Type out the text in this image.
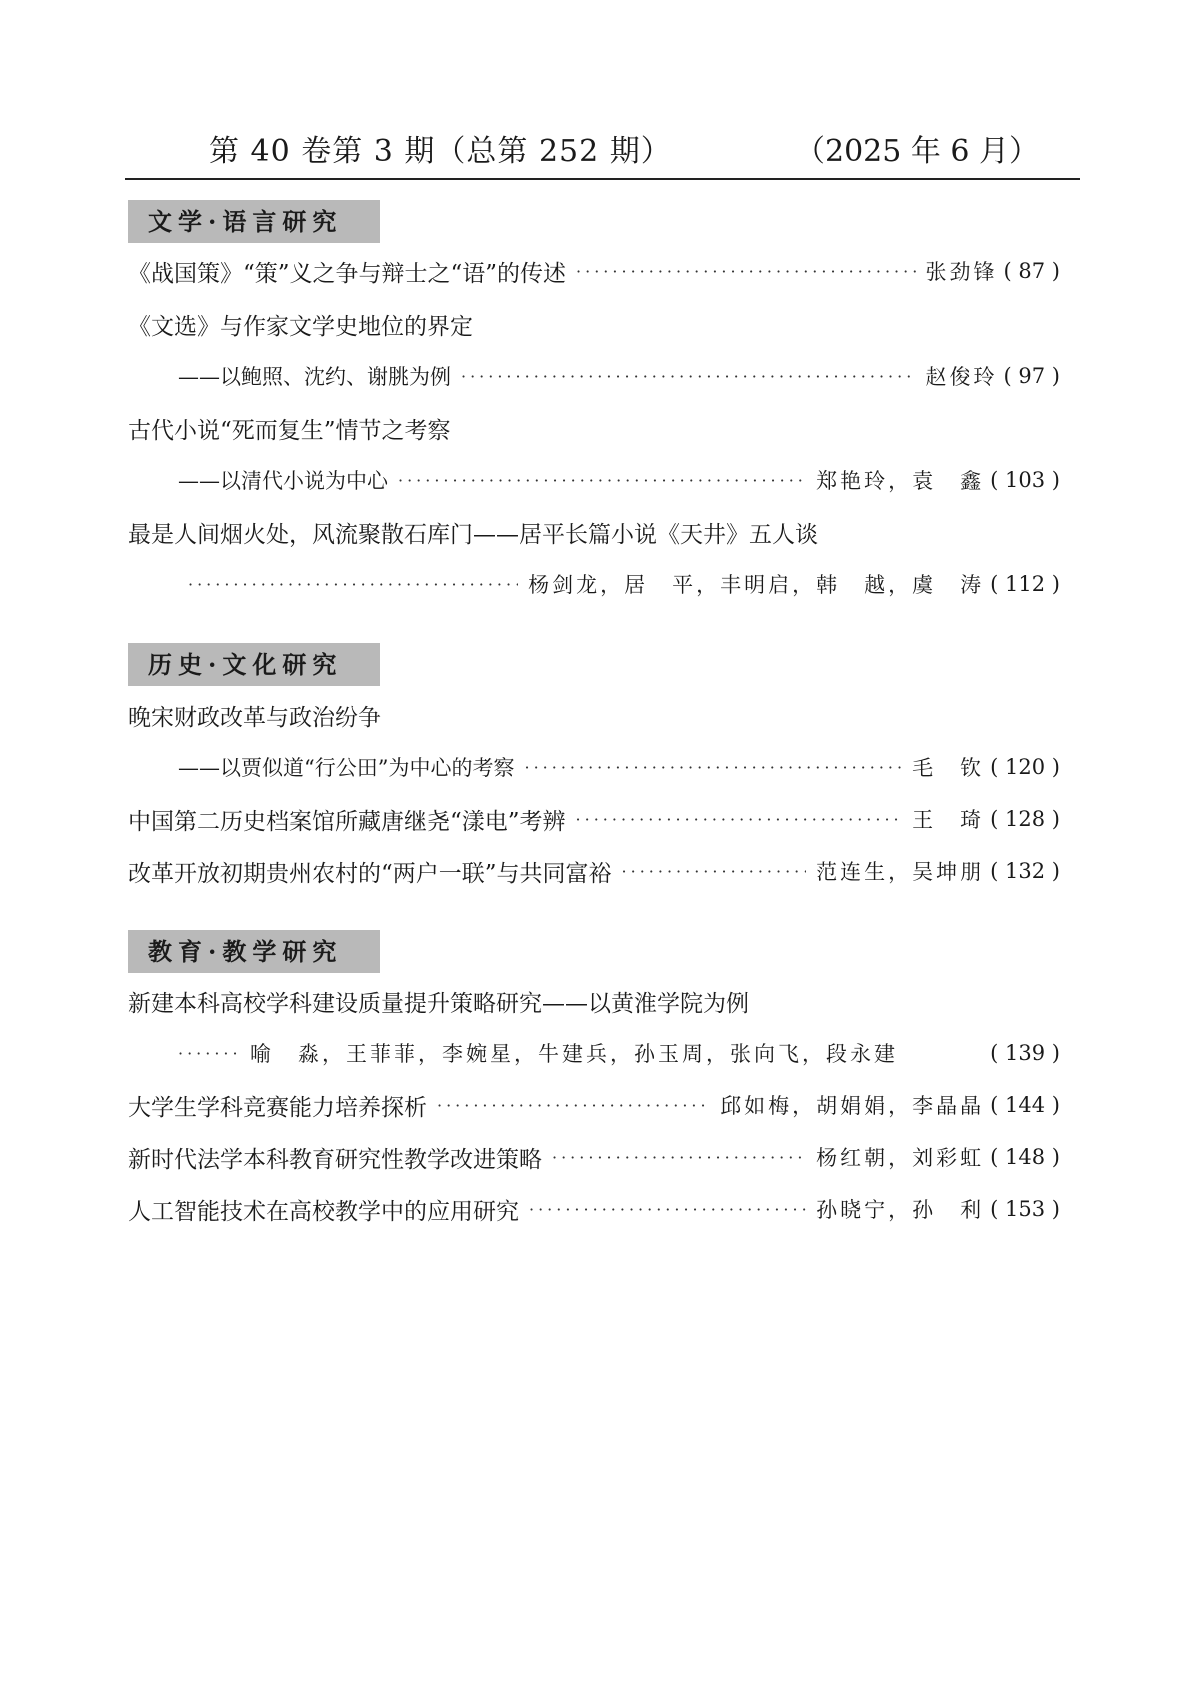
第 40 卷第 3 期（总第 252 期）	（2025 年 6 月）
文学·语言研究
《战国策》“策”义之争与辩士之“语”的传述 ·····	张劲锋 ( 87 )
《文选》与作家文学史地位的界定
——以鲍照、沈约、谢朓为例 ·····	赵俊玲 ( 97 )
古代小说“死而复生”情节之考察
——以清代小说为中心 ·····	郑艳玲，袁　鑫 ( 103 )
最是人间烟火处，风流聚散石库门——居平长篇小说《天井》五人谈
·····
杨剑龙，居　平，丰明启，韩　越，虞　涛 ( 112 )
历史·文化研究
晚宋财政改革与政治纷争
——以贾似道“行公田”为中心的考察 ·····	毛　钦 ( 120 )
中国第二历史档案馆所藏唐继尧“漾电”考辨 ·····	王　琦 ( 128 )
改革开放初期贵州农村的“两户一联”与共同富裕 ·····	范连生，吴坤朋 ( 132 )
教育·教学研究
新建本科高校学科建设质量提升策略研究——以黄淮学院为例
·····
喻　淼，王菲菲，李婉星，牛建兵，孙玉周，张向飞，段永建	( 139 )
大学生学科竞赛能力培养探析 ·····	邱如梅，胡娟娟，李晶晶 ( 144 )
新时代法学本科教育研究性教学改进策略 ·····	杨红朝，刘彩虹 ( 148 )
人工智能技术在高校教学中的应用研究 ·····	孙晓宁，孙　利 ( 153 )
